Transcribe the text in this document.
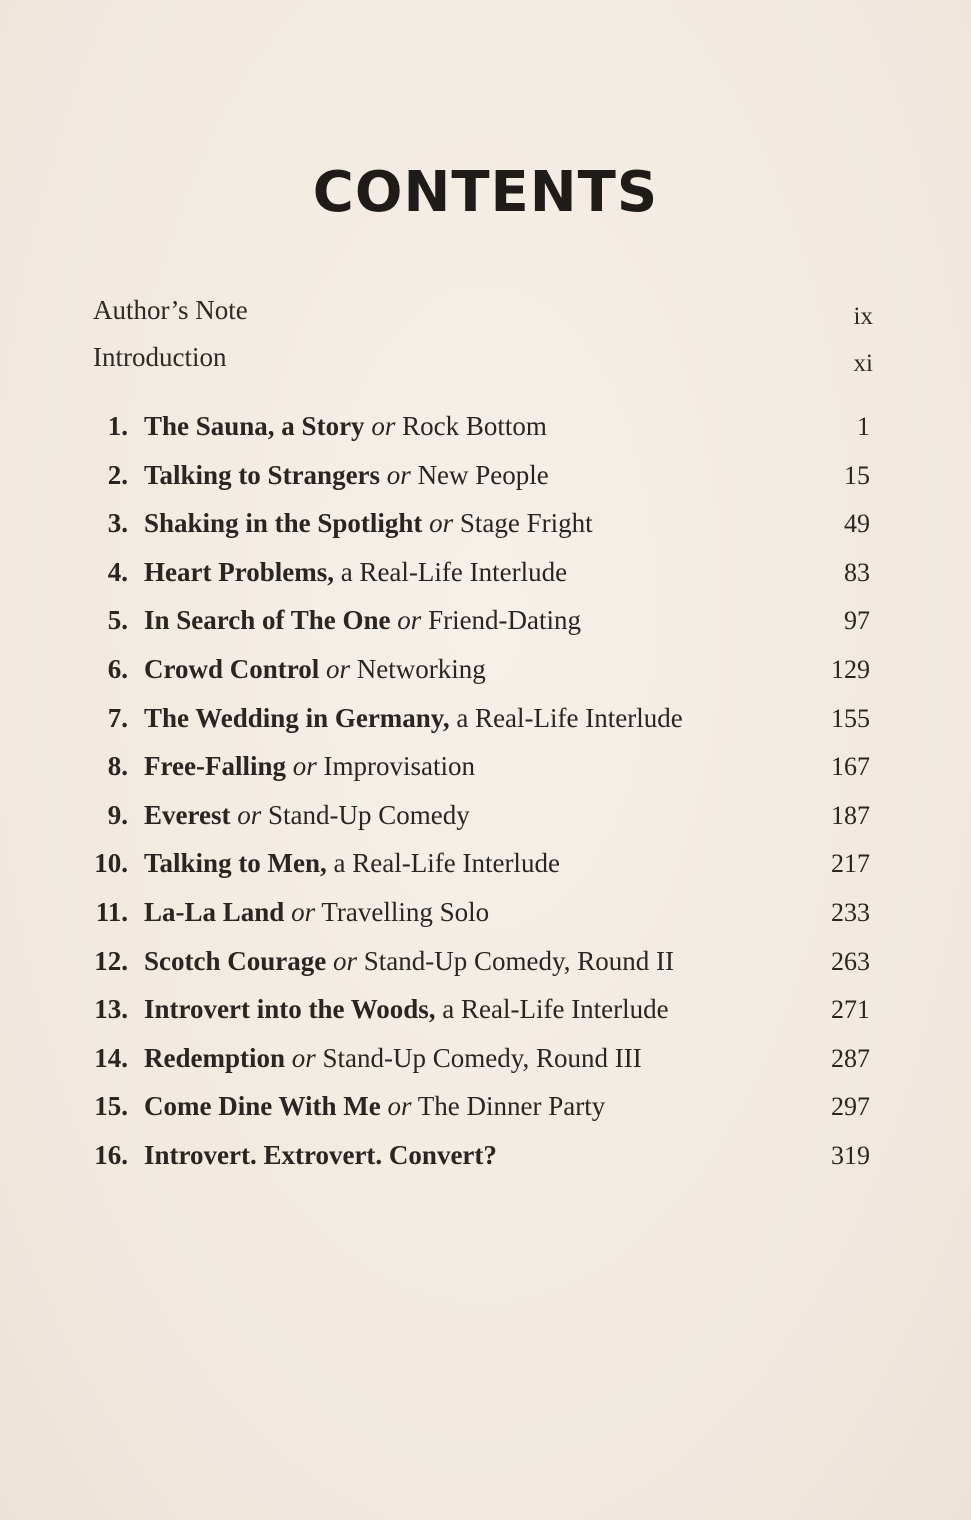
CONTENTS
Author’s Note	ix
Introduction	xi
1. The Sauna, a Story or Rock Bottom	1
2. Talking to Strangers or New People	15
3. Shaking in the Spotlight or Stage Fright	49
4. Heart Problems, a Real-Life Interlude	83
5. In Search of The One or Friend-Dating	97
6. Crowd Control or Networking	129
7. The Wedding in Germany, a Real-Life Interlude	155
8. Free-Falling or Improvisation	167
9. Everest or Stand-Up Comedy	187
10. Talking to Men, a Real-Life Interlude	217
11. La-La Land or Travelling Solo	233
12. Scotch Courage or Stand-Up Comedy, Round II	263
13. Introvert into the Woods, a Real-Life Interlude	271
14. Redemption or Stand-Up Comedy, Round III	287
15. Come Dine With Me or The Dinner Party	297
16. Introvert. Extrovert. Convert?	319
